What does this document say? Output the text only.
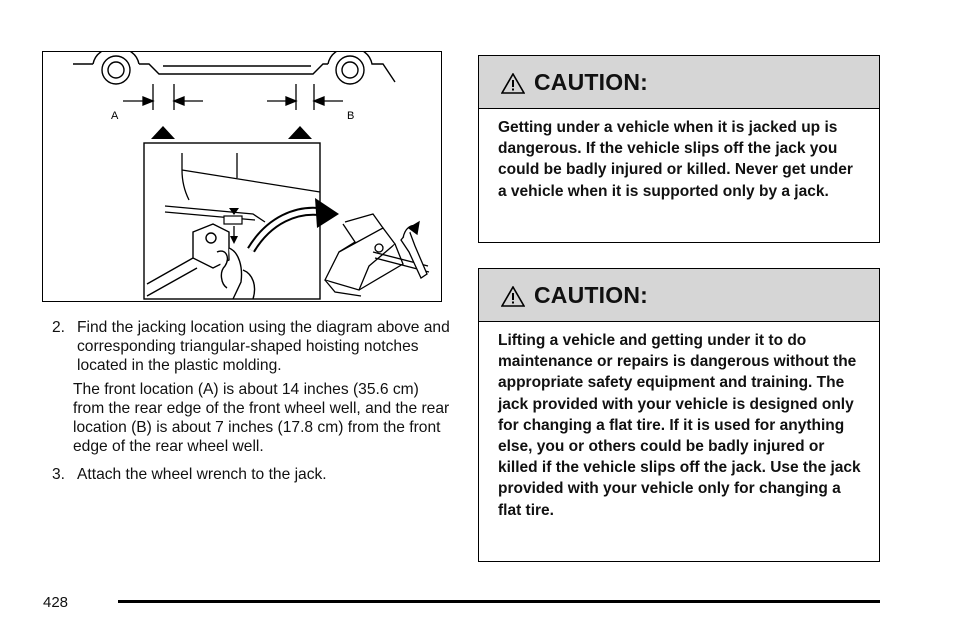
A	B
2. Find the jacking location using the diagram above and corresponding triangular-shaped hoisting notches located in the plastic molding.
The front location (A) is about 14 inches (35.6 cm) from the rear edge of the front wheel well, and the rear location (B) is about 7 inches (17.8 cm) from the front edge of the rear wheel well.
3. Attach the wheel wrench to the jack.
CAUTION:
Getting under a vehicle when it is jacked up is dangerous. If the vehicle slips off the jack you could be badly injured or killed. Never get under a vehicle when it is supported only by a jack.
CAUTION:
Lifting a vehicle and getting under it to do maintenance or repairs is dangerous without the appropriate safety equipment and training. The jack provided with your vehicle is designed only for changing a flat tire. If it is used for anything else, you or others could be badly injured or killed if the vehicle slips off the jack. Use the jack provided with your vehicle only for changing a flat tire.
428
